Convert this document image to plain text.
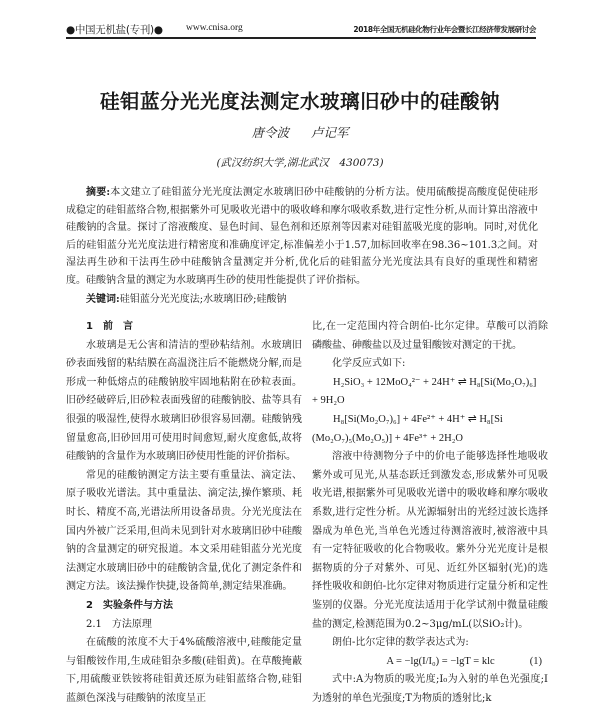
●中国无机盐(专刊)● www.cnisa.org	2018年全国无机硅化物行业年会暨长江经济带发展研讨会
硅钼蓝分光光度法测定水玻璃旧砂中的硅酸钠
唐令波 卢记军
(武汉纺织大学,湖北武汉　430073)

摘要:本文建立了硅钼蓝分光光度法测定水玻璃旧砂中硅酸钠的分析方法。使用硫酸提高酸度促使硅形成稳定的硅钼蓝络合物,根据紫外可见吸收光谱中的吸收峰和摩尔吸收系数,进行定性分析,从而计算出溶液中硅酸钠的含量。探讨了溶液酸度、显色时间、显色剂和还原剂等因素对硅钼蓝吸光度的影响。同时,对优化后的硅钼蓝分光光度法进行精密度和准确度评定,标准偏差小于1.57,加标回收率在98.36~101.3之间。对湿法再生砂和干法再生砂中硅酸钠含量测定并分析,优化后的硅钼蓝分光光度法具有良好的重现性和精密度。硅酸钠含量的测定为水玻璃再生砂的使用性能提供了评价指标。

关键词:硅钼蓝分光光度法;水玻璃旧砂;硅酸钠
1　前　言

水玻璃是无公害和清洁的型砂粘结剂。水玻璃旧砂表面残留的粘结膜在高温浇注后不能燃烧分解,而是形成一种低熔点的硅酸钠胶牢固地粘附在砂粒表面。旧砂经破碎后,旧砂粒表面残留的硅酸钠胶、盐等具有很强的吸湿性,使得水玻璃旧砂很容易回潮。硅酸钠残留量愈高,旧砂回用可使用时间愈短,耐火度愈低,故将硅酸钠的含量作为水玻璃旧砂使用性能的评价指标。

常见的硅酸钠测定方法主要有重量法、滴定法、原子吸收光谱法。其中重量法、滴定法,操作繁琐、耗时长、精度不高,光谱法所用设备昂贵。分光光度法在国内外被广泛采用,但尚未见到针对水玻璃旧砂中硅酸钠的含量测定的研究报道。本文采用硅钼蓝分光光度法测定水玻璃旧砂中的硅酸钠含量,优化了测定条件和测定方法。该法操作快捷,设备简单,测定结果准确。

2　实验条件与方法
2.1　方法原理

在硫酸的浓度不大于4%硫酸溶液中,硅酸能定量与钼酸铵作用,生成硅钼杂多酸(硅钼黄)。在草酸掩蔽下,用硫酸亚铁铵将硅钼黄还原为硅钼蓝络合物,硅钼蓝颜色深浅与硅酸钠的浓度呈正

比,在一定范围内符合朗伯-比尔定律。草酸可以消除磷酸盐、砷酸盐以及过量钼酸铵对测定的干扰。

化学反应式如下:

H₂SiO₃ + 12MoO₄²⁻ + 24H⁺ ⇌ H₈[Si(Mo₂O₇)₆]
+ 9H₂O
H₈[Si(Mo₂O₇)₆] + 4Fe²⁺ + 4H⁺ ⇌ H₈[Si
(Mo₂O₇)₅(Mo₂O₅)] + 4Fe³⁺ + 2H₂O

溶液中待测物分子中的价电子能够选择性地吸收紫外或可见光,从基态跃迁到激发态,形成紫外可见吸收光谱,根据紫外可见吸收光谱中的吸收峰和摩尔吸收系数,进行定性分析。从光源辐射出的光经过波长选择器成为单色光,当单色光透过待测溶液时,被溶液中具有一定特征吸收的化合物吸收。紫外分光光度计是根据物质的分子对紫外、可见、近红外区辐射(光)的选择性吸收和朗伯-比尔定律对物质进行定量分析和定性鉴别的仪器。分光光度法适用于化学试剂中微量硅酸盐的测定,检测范围为0.2~3μg/mL(以SiO₂计)。

朗伯-比尔定律的数学表达式为:

A = −lg(I/I₀) = −lgT = klc	(1)

式中:A为物质的吸光度;I₀为入射的单色光强度;I为透射的单色光强度;T为物质的透射比;k
